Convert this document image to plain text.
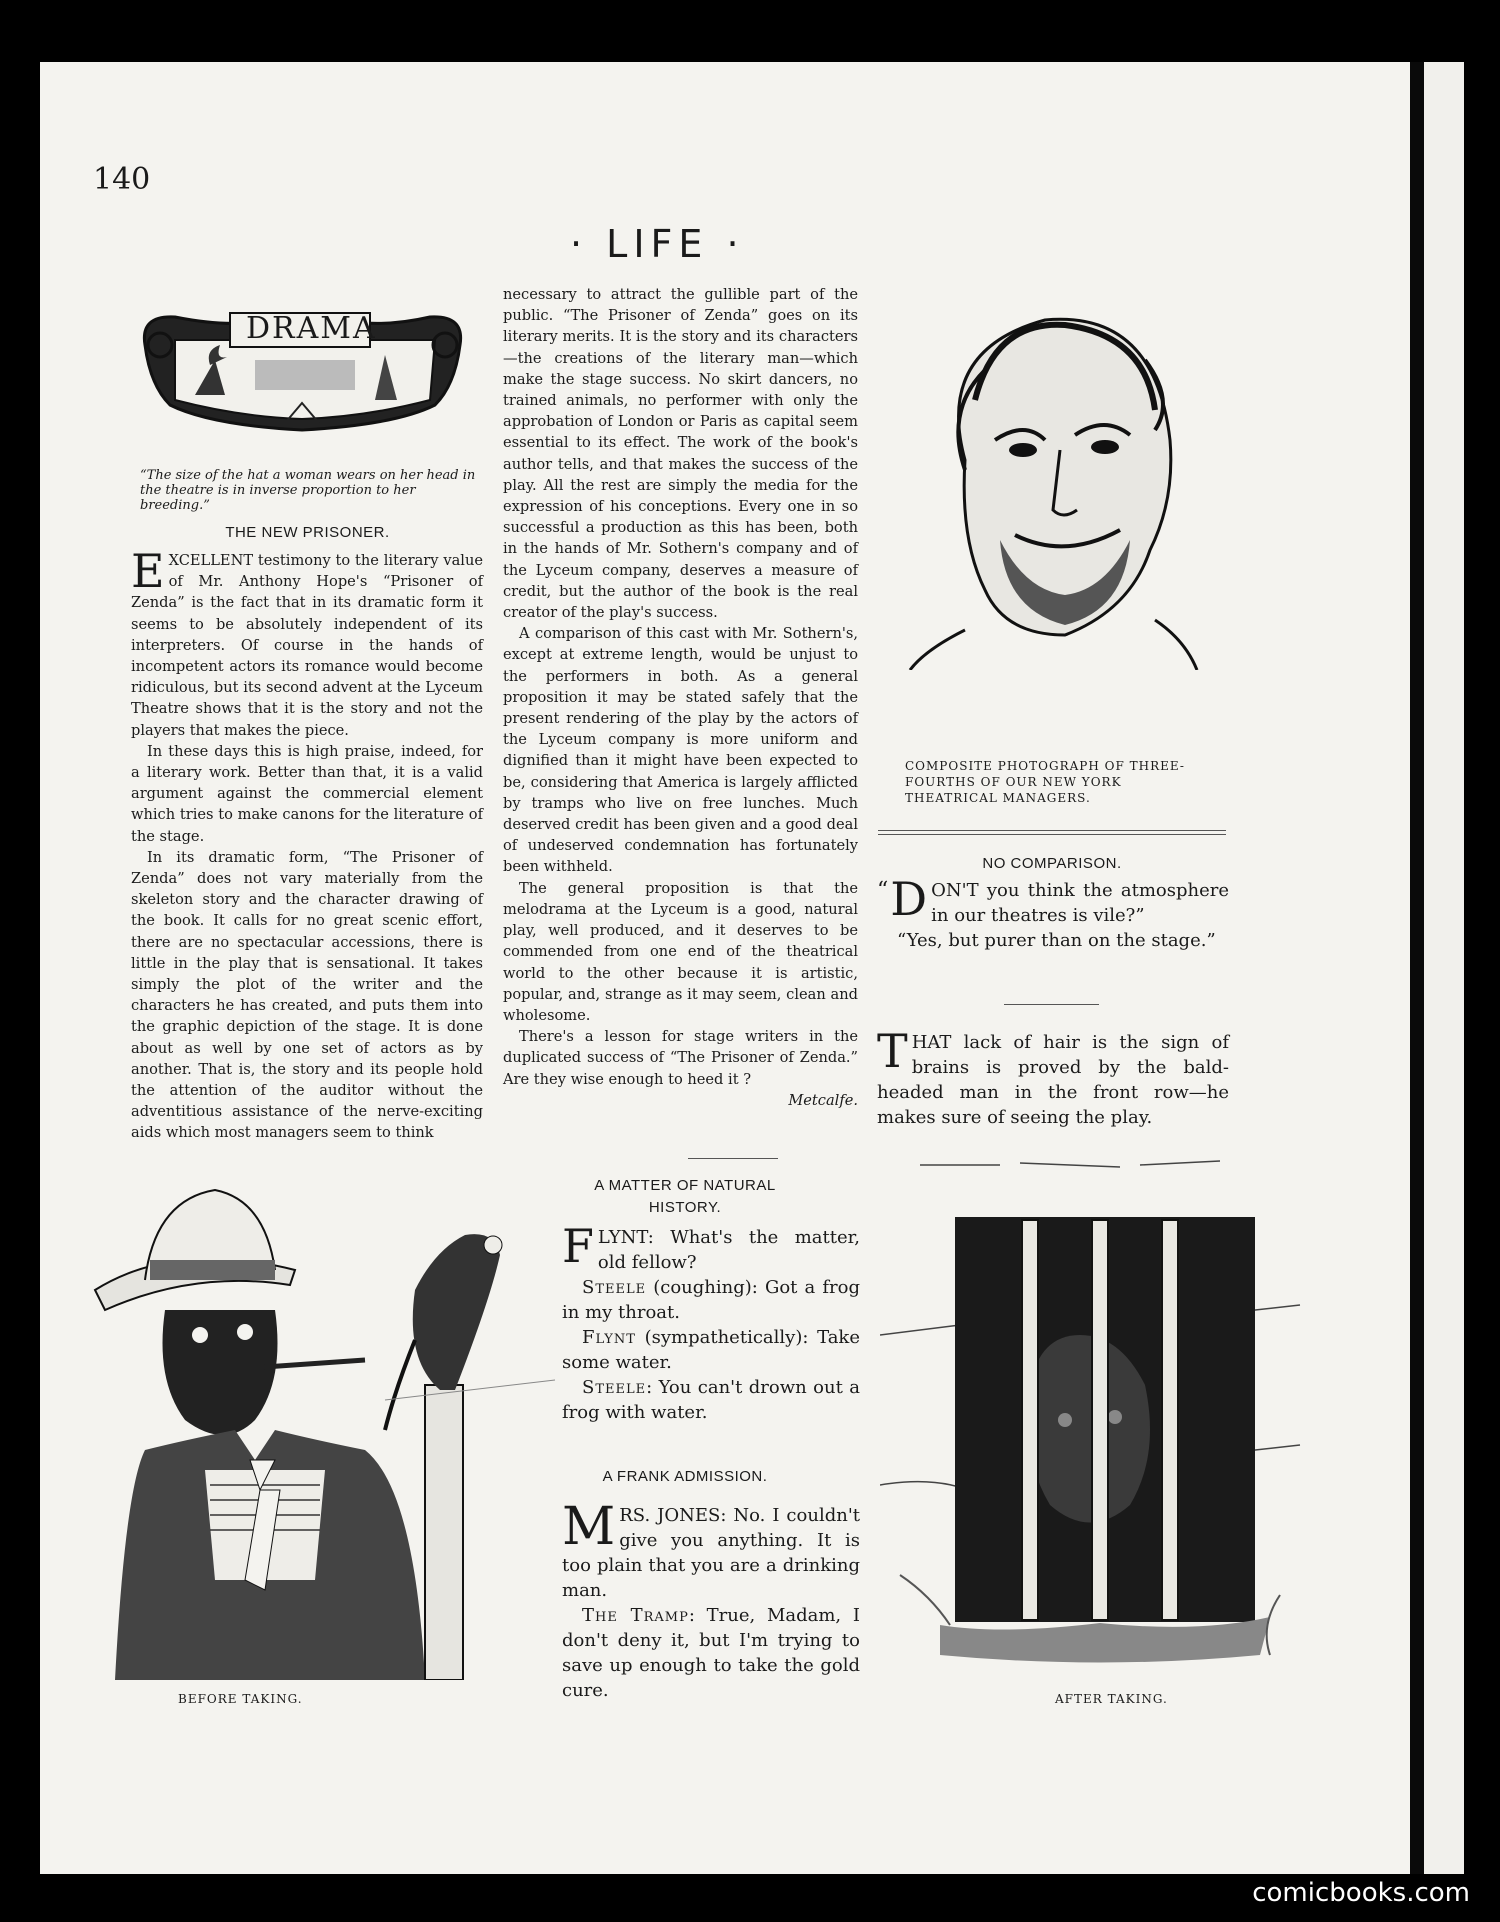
140
· LIFE ·
DRAMA
“The size of the hat a woman wears on her head in the theatre is in inverse proportion to her breeding.”
THE NEW PRISONER.
E XCELLENT testimony to the literary value of Mr. Anthony Hope's “Prisoner of Zenda” is the fact that in its dramatic form it seems to be absolutely independent of its interpreters. Of course in the hands of incompetent actors its romance would become ridiculous, but its second advent at the Lyceum Theatre shows that it is the story and not the players that makes the piece.

In these days this is high praise, indeed, for a literary work. Better than that, it is a valid argument against the commercial element which tries to make canons for the literature of the stage.

In its dramatic form, “The Prisoner of Zenda” does not vary materially from the skeleton story and the character drawing of the book. It calls for no great scenic effort, there are no spectacular accessions, there is little in the play that is sensational. It takes simply the plot of the writer and the characters he has created, and puts them into the graphic depiction of the stage. It is done about as well by one set of actors as by another. That is, the story and its people hold the attention of the auditor without the adventitious assistance of the nerve-exciting aids which most managers seem to think

necessary to attract the gullible part of the public. “The Prisoner of Zenda” goes on its literary merits. It is the story and its characters—the creations of the literary man—which make the stage success. No skirt dancers, no trained animals, no performer with only the approbation of London or Paris as capital seem essential to its effect. The work of the book's author tells, and that makes the success of the play. All the rest are simply the media for the expression of his conceptions. Every one in so successful a production as this has been, both in the hands of Mr. Sothern's company and of the Lyceum company, deserves a measure of credit, but the author of the book is the real creator of the play's success.

A comparison of this cast with Mr. Sothern's, except at extreme length, would be unjust to the performers in both. As a general proposition it may be stated safely that the present rendering of the play by the actors of the Lyceum company is more uniform and dignified than it might have been expected to be, considering that America is largely afflicted by tramps who live on free lunches. Much deserved credit has been given and a good deal of undeserved condemnation has fortunately been withheld.

The general proposition is that the melodrama at the Lyceum is a good, natural play, well produced, and it deserves to be commended from one end of the theatrical world to the other because it is artistic, popular, and, strange as it may seem, clean and wholesome.

There's a lesson for stage writers in the duplicated success of “The Prisoner of Zenda.” Are they wise enough to heed it ?

Metcalfe.
COMPOSITE PHOTOGRAPH OF THREE-FOURTHS OF OUR NEW YORK THEATRICAL MANAGERS.
NO COMPARISON.
“ D ON'T you think the atmosphere in our theatres is vile?”

“Yes, but purer than on the stage.”

T HAT lack of hair is the sign of brains is proved by the bald-headed man in the front row—he makes sure of seeing the play.
A MATTER OF NATURAL HISTORY.
F LYNT: What's the matter, old fellow?

Steele (coughing): Got a frog in my throat.

Flynt (sympathetically): Take some water.

Steele: You can't drown out a frog with water.

A FRANK ADMISSION.
M RS. JONES: No. I couldn't give you anything. It is too plain that you are a drinking man.

The Tramp: True, Madam, I don't deny it, but I'm trying to save up enough to take the gold cure.

BEFORE TAKING.	AFTER TAKING.
comicbooks.com
